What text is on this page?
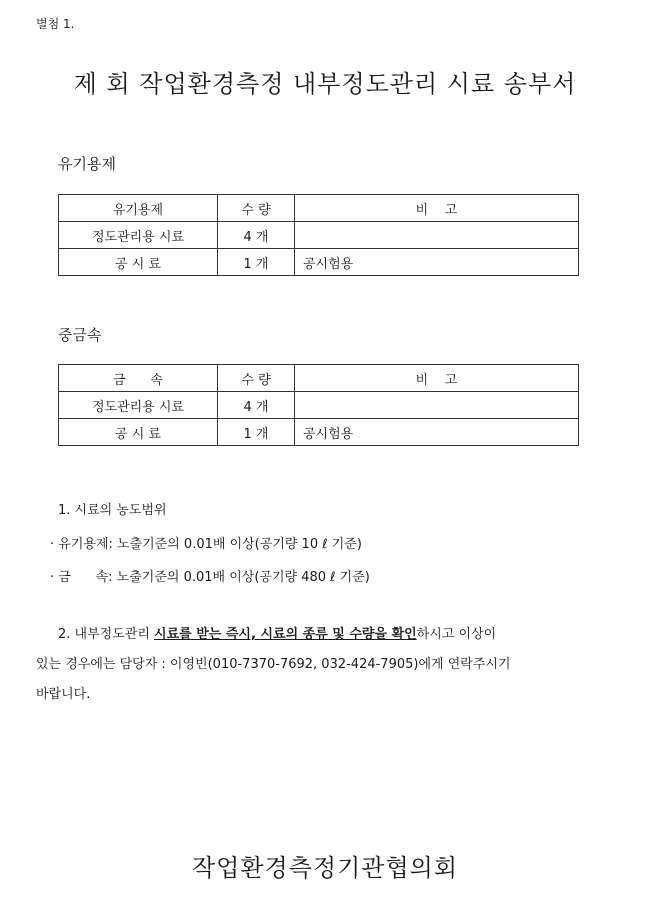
별첨 1.
제 회 작업환경측정 내부정도관리 시료 송부서
유기용제
유기용제	수 량	비    고
정도관리용 시료	4 개	
공 시 료	1 개	공시험용
중금속
금      속	수 량	비    고
정도관리용 시료	4 개	
공 시 료	1 개	공시험용
1. 시료의 농도범위
· 유기용제: 노출기준의 0.01배 이상(공기량 10 ℓ 기준)
· 금      속: 노출기준의 0.01배 이상(공기량 480 ℓ 기준)
2. 내부정도관리 시료를 받는 즉시, 시료의 종류 및 수량을 확인하시고 이상이
있는 경우에는 담당자 : 이영빈(010-7370-7692, 032-424-7905)에게 연락주시기
바랍니다.
작업환경측정기관협의회
